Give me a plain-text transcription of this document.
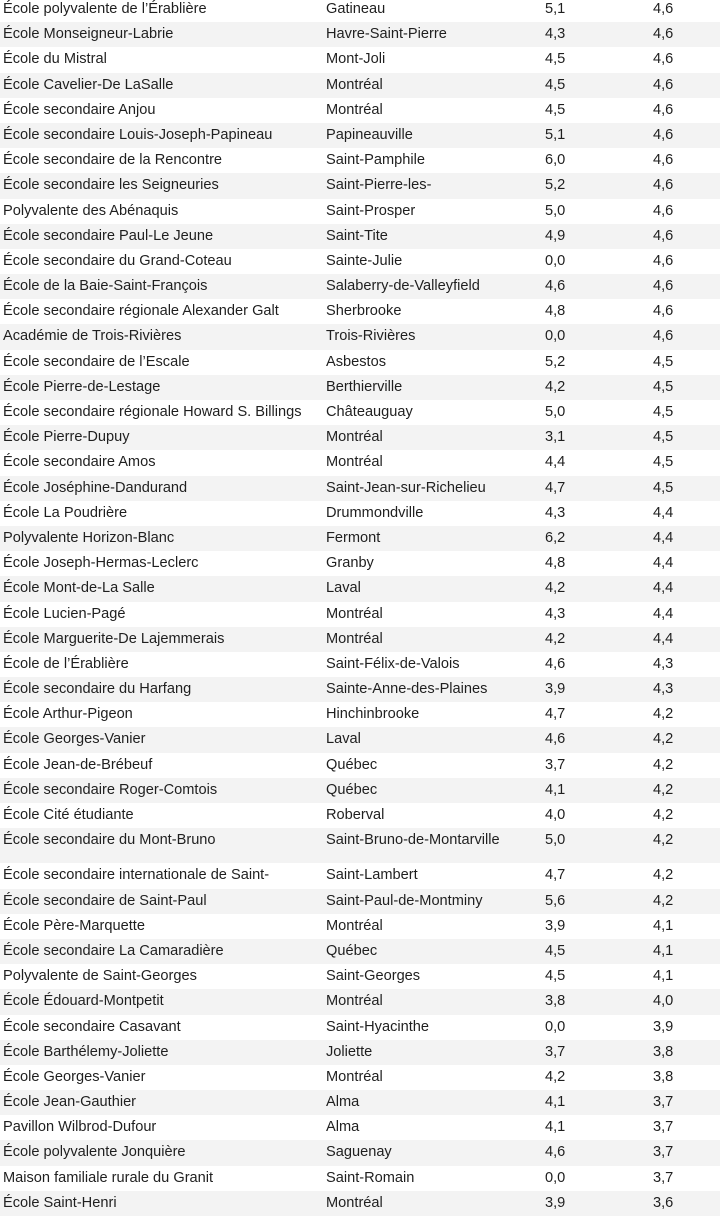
École polyvalente de l’Érablière	Gatineau	5,1	4,6
École Monseigneur-Labrie	Havre-Saint-Pierre	4,3	4,6
École du Mistral	Mont-Joli	4,5	4,6
École Cavelier-De LaSalle	Montréal	4,5	4,6
École secondaire Anjou	Montréal	4,5	4,6
École secondaire Louis-Joseph-Papineau	Papineauville	5,1	4,6
École secondaire de la Rencontre	Saint-Pamphile	6,0	4,6
École secondaire les Seigneuries	Saint-Pierre-les-	5,2	4,6
Polyvalente des Abénaquis	Saint-Prosper	5,0	4,6
École secondaire Paul-Le Jeune	Saint-Tite	4,9	4,6
École secondaire du Grand-Coteau	Sainte-Julie	0,0	4,6
École de la Baie-Saint-François	Salaberry-de-Valleyfield	4,6	4,6
École secondaire régionale Alexander Galt	Sherbrooke	4,8	4,6
Académie de Trois-Rivières	Trois-Rivières	0,0	4,6
École secondaire de l’Escale	Asbestos	5,2	4,5
École Pierre-de-Lestage	Berthierville	4,2	4,5
École secondaire régionale Howard S. Billings	Châteauguay	5,0	4,5
École Pierre-Dupuy	Montréal	3,1	4,5
École secondaire Amos	Montréal	4,4	4,5
École Joséphine-Dandurand	Saint-Jean-sur-Richelieu	4,7	4,5
École La Poudrière	Drummondville	4,3	4,4
Polyvalente Horizon-Blanc	Fermont	6,2	4,4
École Joseph-Hermas-Leclerc	Granby	4,8	4,4
École Mont-de-La Salle	Laval	4,2	4,4
École Lucien-Pagé	Montréal	4,3	4,4
École Marguerite-De Lajemmerais	Montréal	4,2	4,4
École de l’Érablière	Saint-Félix-de-Valois	4,6	4,3
École secondaire du Harfang	Sainte-Anne-des-Plaines	3,9	4,3
École Arthur-Pigeon	Hinchinbrooke	4,7	4,2
École Georges-Vanier	Laval	4,6	4,2
École Jean-de-Brébeuf	Québec	3,7	4,2
École secondaire Roger-Comtois	Québec	4,1	4,2
École Cité étudiante	Roberval	4,0	4,2
École secondaire du Mont-Bruno	Saint-Bruno-de-Montarville	5,0	4,2
École secondaire internationale de Saint-	Saint-Lambert	4,7	4,2
École secondaire de Saint-Paul	Saint-Paul-de-Montminy	5,6	4,2
École Père-Marquette	Montréal	3,9	4,1
École secondaire La Camaradière	Québec	4,5	4,1
Polyvalente de Saint-Georges	Saint-Georges	4,5	4,1
École Édouard-Montpetit	Montréal	3,8	4,0
École secondaire Casavant	Saint-Hyacinthe	0,0	3,9
École Barthélemy-Joliette	Joliette	3,7	3,8
École Georges-Vanier	Montréal	4,2	3,8
École Jean-Gauthier	Alma	4,1	3,7
Pavillon Wilbrod-Dufour	Alma	4,1	3,7
École polyvalente Jonquière	Saguenay	4,6	3,7
Maison familiale rurale du Granit	Saint-Romain	0,0	3,7
École Saint-Henri	Montréal	3,9	3,6
